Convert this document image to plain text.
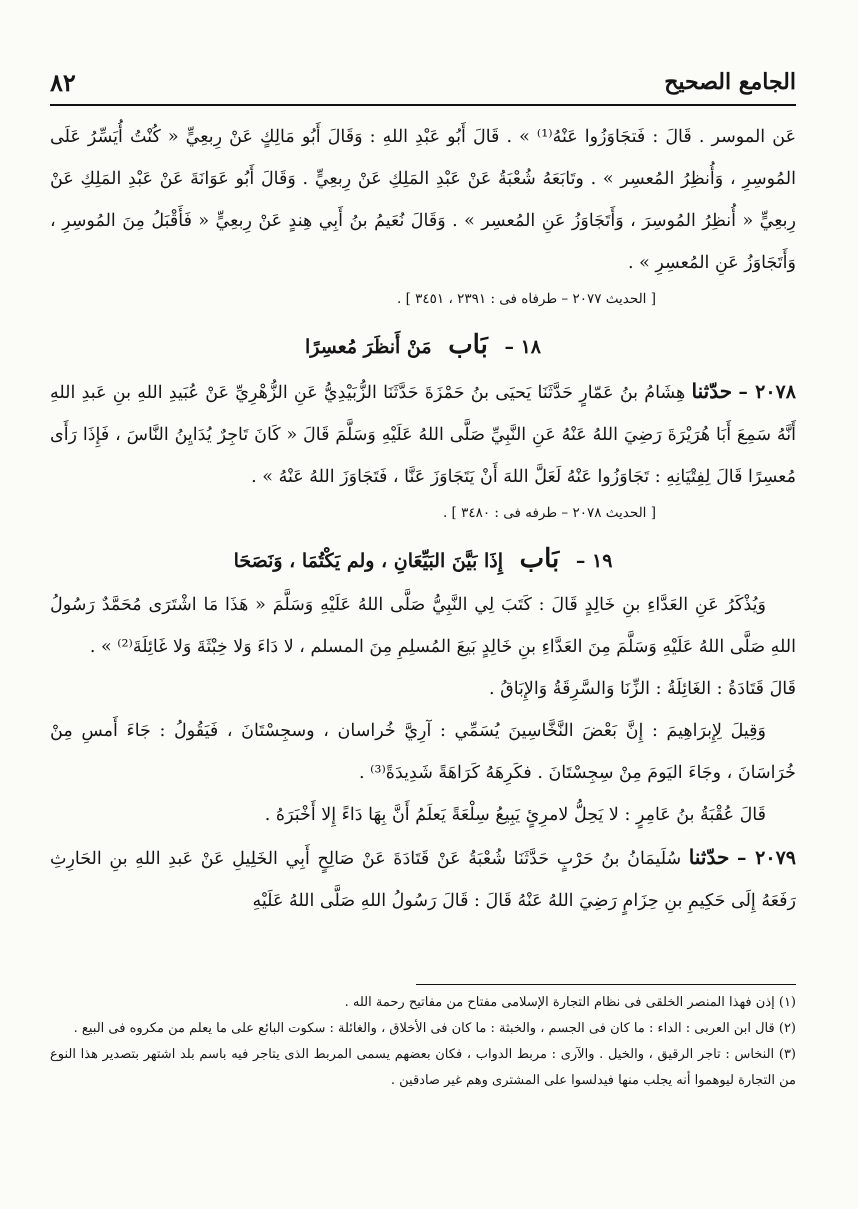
الجامع الصحيح
٨٢

عَن الموسر . قَالَ : فَتجَاوَزُوا عَنْهُ⁽¹⁾ » . قَالَ أَبُو عَبْدِ اللهِ : وَقَالَ أَبُو مَالِكٍ عَنْ رِبعِيٍّ « كُنْتُ أُيَسِّرُ عَلَى المُوسِرِ ، وَأُنظِرُ المُعسِر » . وتَابَعَهُ شُعْبَةُ عَنْ عَبْدِ المَلِكِ عَنْ رِبعِيٍّ . وَقَالَ أَبُو عَوَانَةَ عَنْ عَبْدِ المَلِكِ عَنْ رِبعِيٍّ « أُنظِرُ المُوسِرَ ، وَأَتَجَاوَزُ عَنِ المُعسِر » . وَقَالَ نُعَيمُ بنُ أَبِي هِندٍ عَنْ رِبعِيٍّ « فَأَقْبَلُ مِنَ المُوسِرِ ، وَأَتَجَاوَزُ عَنِ المُعسِرِ » .

[ الحديث ٢٠٧٧ – طرفاه فى : ٢٣٩١ ، ٣٤٥١ ] .

١٨ – بَاب مَنْ أَنظَرَ مُعسِرًا

٢٠٧٨ – حدّثنا هِشَامُ بنُ عَمّارٍ حَدَّثَنَا يَحيَى بنُ حَمْزَةَ حَدَّثَنَا الزُّبَيْدِيُّ عَنِ الزُّهْرِيِّ عَنْ عُبَيدِ اللهِ بنِ عَبدِ اللهِ أَنَّهُ سَمِعَ أَبَا هُرَيْرَةَ رَضِيَ اللهُ عَنْهُ عَنِ النَّبِيِّ صَلَّى اللهُ عَلَيْهِ وَسَلَّمَ قَالَ « كَانَ تَاجِرٌ يُدَايِنُ النَّاسَ ، فَإِذَا رَأَى مُعسِرًا قَالَ لِفِتْيَانِهِ : تَجَاوَزُوا عَنْهُ لَعَلَّ اللهَ أَنْ يَتَجَاوَزَ عَنَّا ، فَتَجَاوَزَ اللهُ عَنْهُ » .

[ الحديث ٢٠٧٨ – طرفه فى : ٣٤٨٠ ] .

١٩ – بَاب إِذَا بَيَّنَ البَيِّعَانِ ، ولم يَكْتُمَا ، وَنَصَحَا

وَيُذْكَرُ عَنِ العَدَّاءِ بنِ خَالِدٍ قَالَ : كَتَبَ لِي النَّبِيُّ صَلَّى اللهُ عَلَيْهِ وَسَلَّمَ « هَذَا مَا اشْتَرَى مُحَمَّدٌ رَسُولُ اللهِ صَلَّى اللهُ عَلَيْهِ وَسَلَّمَ مِنَ العَدَّاءِ بنِ خَالِدٍ بَيعَ المُسلِمِ مِنَ المسلم ، لا دَاءَ وَلا خِبْثَةَ وَلا غَائِلَةَ⁽²⁾ » .

قَالَ قَتَادَةُ : الغَائِلَةُ : الزِّنَا وَالسَّرِقَةُ وَالإِبَاقُ .

وَقِيلَ لِإِبرَاهِيمَ : إِنَّ بَعْضَ النَّخَّاسِينَ يُسَمِّي : آرِيَّ خُراسان ، وسجِسْتَانَ ، فَيَقُولُ : جَاءَ أَمسِ مِنْ خُرَاسَانَ ، وجَاءَ اليَومَ مِنْ سِجِسْتَانَ . فكَرِهَهُ كَرَاهَةً شَدِيدَةً⁽³⁾ .

قَالَ عُقْبَةُ بنُ عَامِرٍ : لا يَحِلُّ لامرِئٍ يَبِيعُ سِلْعَةً يَعلَمُ أَنَّ بِهَا دَاءً إِلا أَخْبَرَهُ .

٢٠٧٩ – حدّثنا سُلَيمَانُ بنُ حَرْبٍ حَدَّثَنَا شُعْبَةُ عَنْ قَتَادَةَ عَنْ صَالِحٍ أَبِي الخَلِيلِ عَنْ عَبدِ اللهِ بنِ الحَارِثِ رَفَعَهُ إِلَى حَكِيمِ بنِ حِزَامٍ رَضِيَ اللهُ عَنْهُ قَالَ : قَالَ رَسُولُ اللهِ صَلَّى اللهُ عَلَيْهِ

(١) إذن فهذا المنصر الخلقى فى نظام التجارة الإسلامى مفتاح من مفاتيح رحمة الله .

(٢) قال ابن العربى : الداء : ما كان فى الجسم ، والخبثة : ما كان فى الأخلاق ، والغائلة : سكوت البائع على ما يعلم من مكروه فى البيع .

(٣) النخاس : تاجر الرقيق ، والخيل . والآرى : مربط الدواب ، فكان بعضهم يسمى المربط الذى يتاجر فيه باسم بلد اشتهر بتصدير هذا النوع من التجارة ليوهموا أنه يجلب منها فيدلسوا على المشترى وهم غير صادقين .
